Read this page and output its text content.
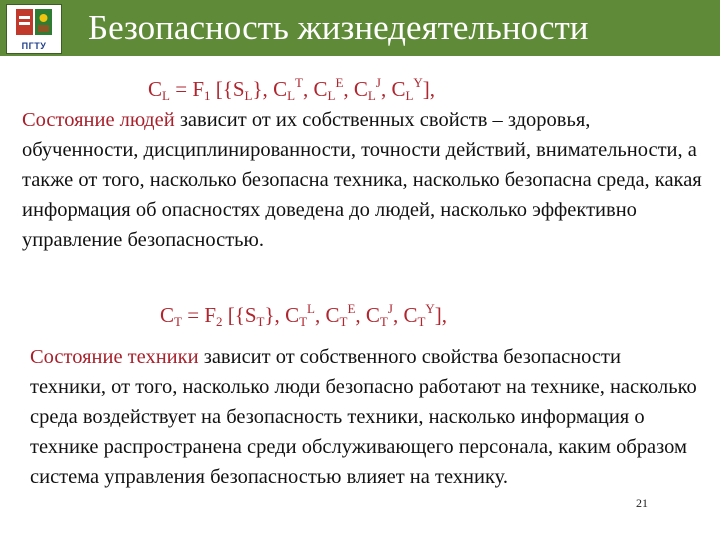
ПГТУ	Безопасность жизнедеятельности
$C_L = F_1$ [$\{S_L\}$, $C_L^T$, $C_L^E$, $C_L^J$, $C_L^Y$],
Состояние людей зависит от их собственных свойств – здоровья, обученности, дисциплинированности, точности действий, внимательности, а также от того, насколько безопасна техника, насколько безопасна среда, какая информация об опасностях доведена до людей, насколько эффективно управление безопасностью.
$C_T = F_2$ [$\{S_T\}$, $C_T^L$, $C_T^E$, $C_T^J$, $C_T^Y$],
Состояние техники зависит от собственного свойства безопасности техники, от того, насколько люди безопасно работают на технике, насколько среда воздействует на безопасность техники, насколько информация о технике распространена среди обслуживающего персонала, каким образом система управления безопасностью влияет на технику.
21
